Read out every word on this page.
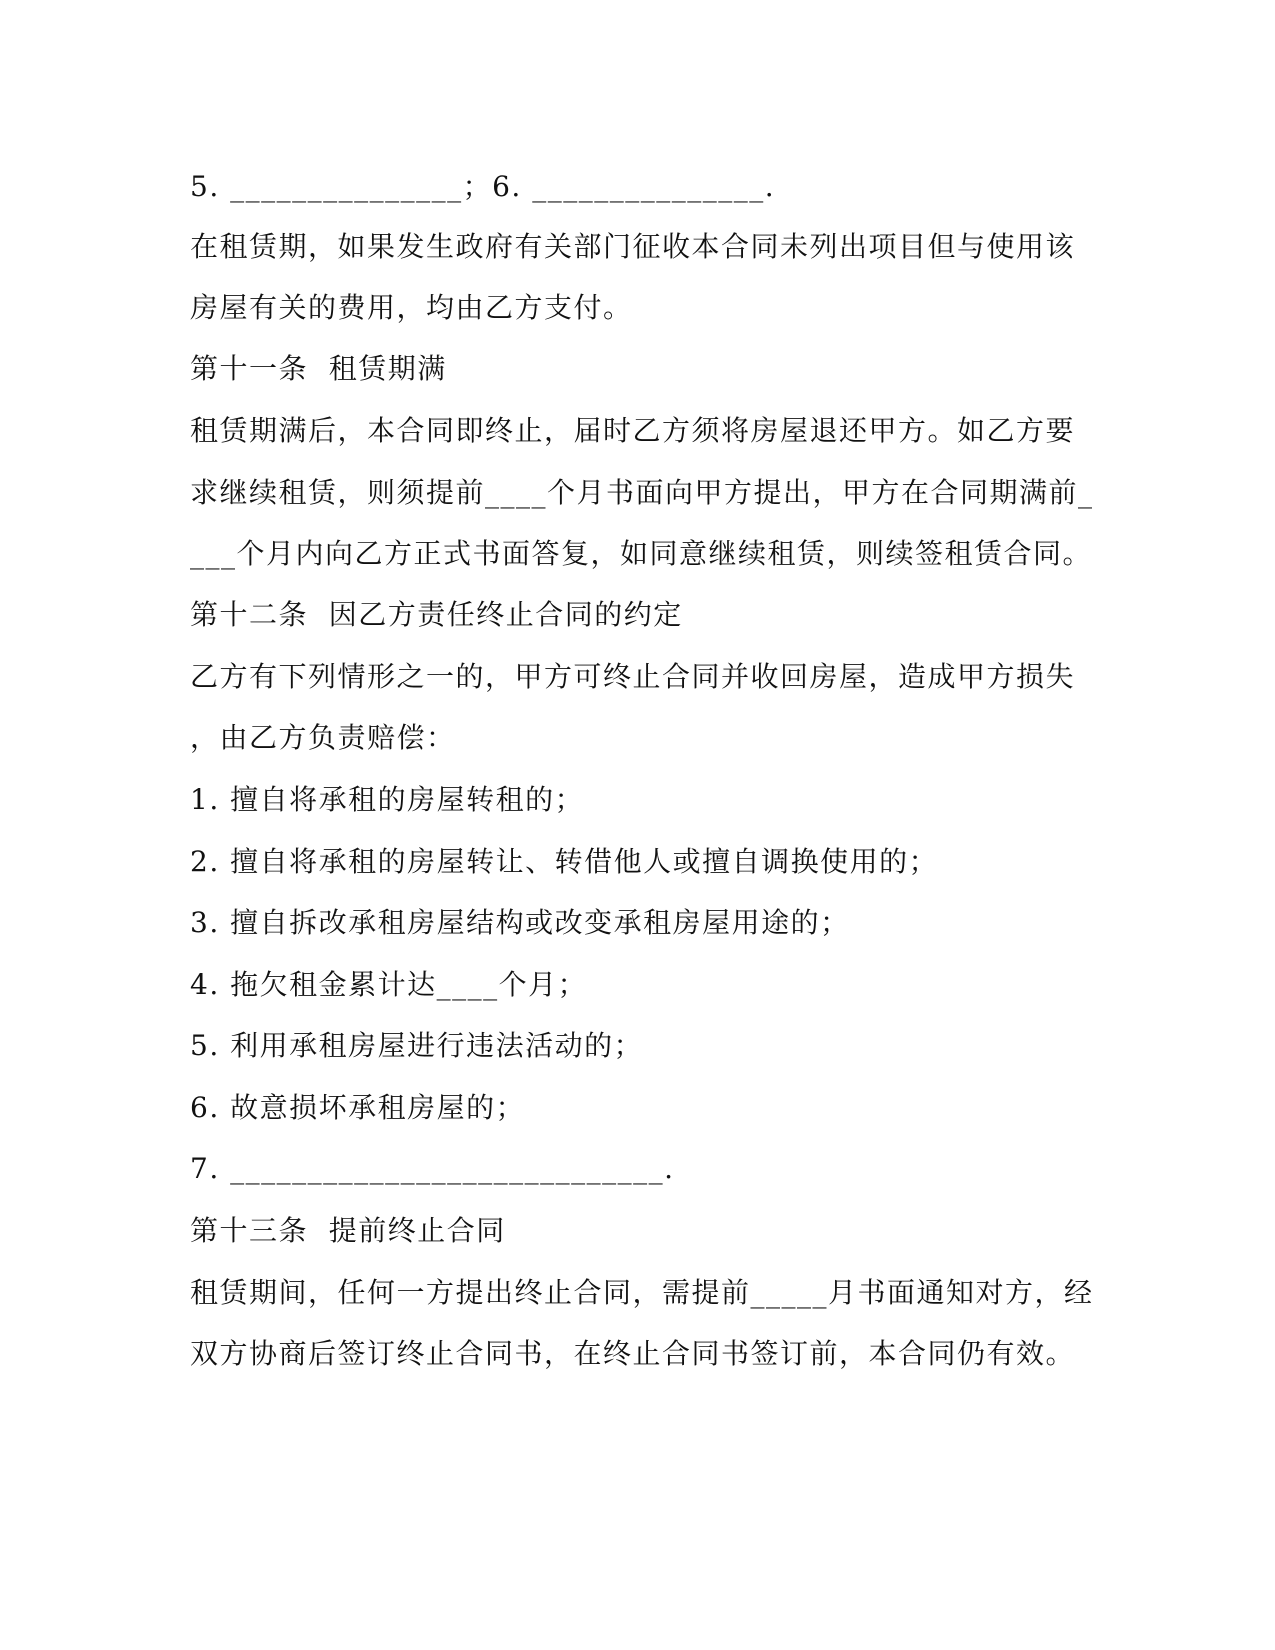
5. _______________；6. _______________.
在租赁期，如果发生政府有关部门征收本合同未列出项目但与使用该
房屋有关的费用，均由乙方支付。
第十一条  租赁期满
租赁期满后，本合同即终止，届时乙方须将房屋退还甲方。如乙方要
求继续租赁，则须提前____个月书面向甲方提出，甲方在合同期满前_
___个月内向乙方正式书面答复，如同意继续租赁，则续签租赁合同。
第十二条  因乙方责任终止合同的约定
乙方有下列情形之一的，甲方可终止合同并收回房屋，造成甲方损失
，由乙方负责赔偿：
1. 擅自将承租的房屋转租的；
2. 擅自将承租的房屋转让、转借他人或擅自调换使用的；
3. 擅自拆改承租房屋结构或改变承租房屋用途的；
4. 拖欠租金累计达____个月；
5. 利用承租房屋进行违法活动的；
6. 故意损坏承租房屋的；
7. ____________________________.
第十三条  提前终止合同
租赁期间，任何一方提出终止合同，需提前_____月书面通知对方，经
双方协商后签订终止合同书，在终止合同书签订前，本合同仍有效。
